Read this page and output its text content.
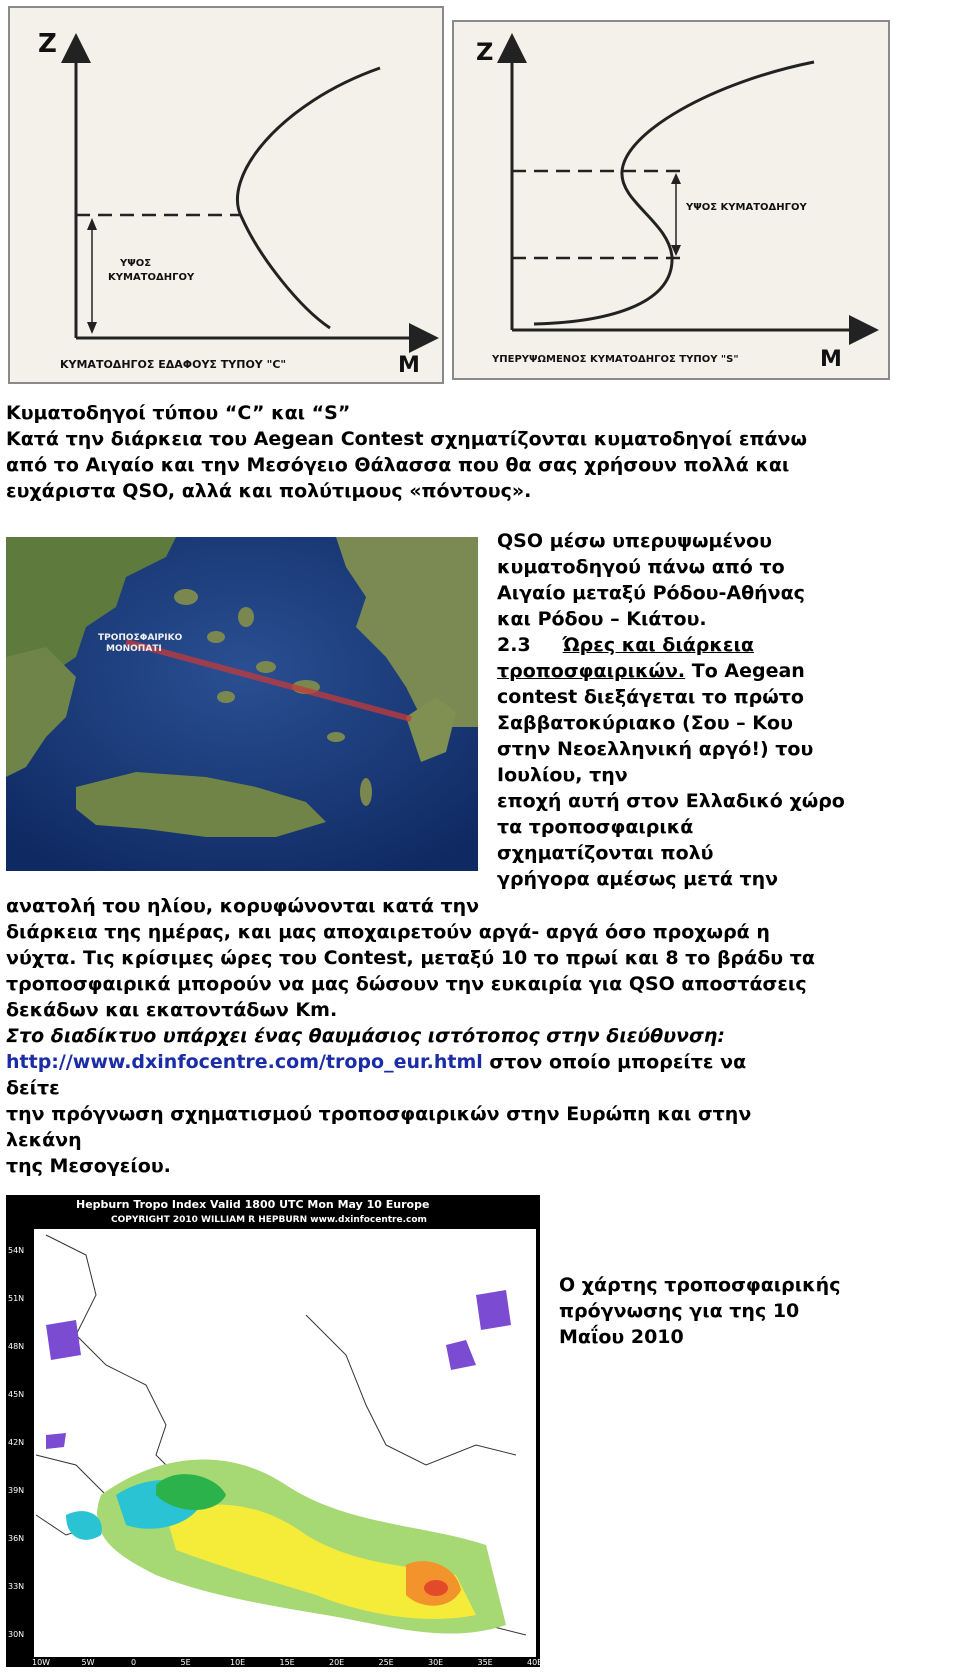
Z
M
ΥΨΟΣ
ΚΥΜΑΤΟΔΗΓΟΥ
ΚΥΜΑΤΟΔΗΓΟΣ ΕΔΑΦΟΥΣ ΤΥΠΟΥ "C"
Z
M
ΥΨΟΣ ΚΥΜΑΤΟΔΗΓΟΥ
ΥΠΕΡΥΨΩΜΕΝΟΣ ΚΥΜΑΤΟΔΗΓΟΣ ΤΥΠΟΥ "S"
Κυματοδηγοί τύπου “C” και “S”
Κατά την διάρκεια του Aegean Contest σχηματίζονται κυματοδηγοί επάνω
από το Αιγαίο και την Μεσόγειο Θάλασσα που θα σας χρήσουν πολλά και
ευχάριστα QSO, αλλά και πολύτιμους «πόντους».
ΤΡΟΠΟΣΦΑΙΡΙΚΟ
ΜΟΝΟΠΑΤΙ
QSO μέσω υπερυψωμένου
κυματοδηγού πάνω από το
Αιγαίο μεταξύ Ρόδου-Αθήνας
και Ρόδου – Κιάτου.
2.3 Ώρες και διάρκεια
τροποσφαιρικών. Το Aegean
contest διεξάγεται το πρώτο
Σαββατοκύριακο (Σου – Κου
στην Νεοελληνική αργό!) του
Ιουλίου, την
εποχή αυτή στον Ελλαδικό χώρο
τα τροποσφαιρικά
σχηματίζονται πολύ
γρήγορα αμέσως μετά την
ανατολή του ηλίου, κορυφώνονται κατά την
διάρκεια της ημέρας, και μας αποχαιρετούν αργά- αργά όσο προχωρά η
νύχτα. Τις κρίσιμες ώρες του Contest, μεταξύ 10 το πρωί και 8 το βράδυ τα
τροποσφαιρικά μπορούν να μας δώσουν την ευκαιρία για QSO αποστάσεις
δεκάδων και εκατοντάδων Km.
Στο διαδίκτυο υπάρχει ένας θαυμάσιος ιστότοπος στην διεύθυνση:
http://www.dxinfocentre.com/tropo_eur.html στον οποίο μπορείτε να
δείτε
την πρόγνωση σχηματισμού τροποσφαιρικών στην Ευρώπη και στην
λεκάνη
της Μεσογείου.
Hepburn Tropo Index Valid 1800 UTC Mon May 10 Europe
COPYRIGHT 2010 WILLIAM R HEPBURN www.dxinfocentre.com
54N
51N
48N
45N
42N
39N
36N
33N
30N
10W	5W	0	5E	10E	15E	20E	25E	30E	35E	40E
Ο χάρτης τροποσφαιρικής
πρόγνωσης για της 10
Μαΐου 2010
